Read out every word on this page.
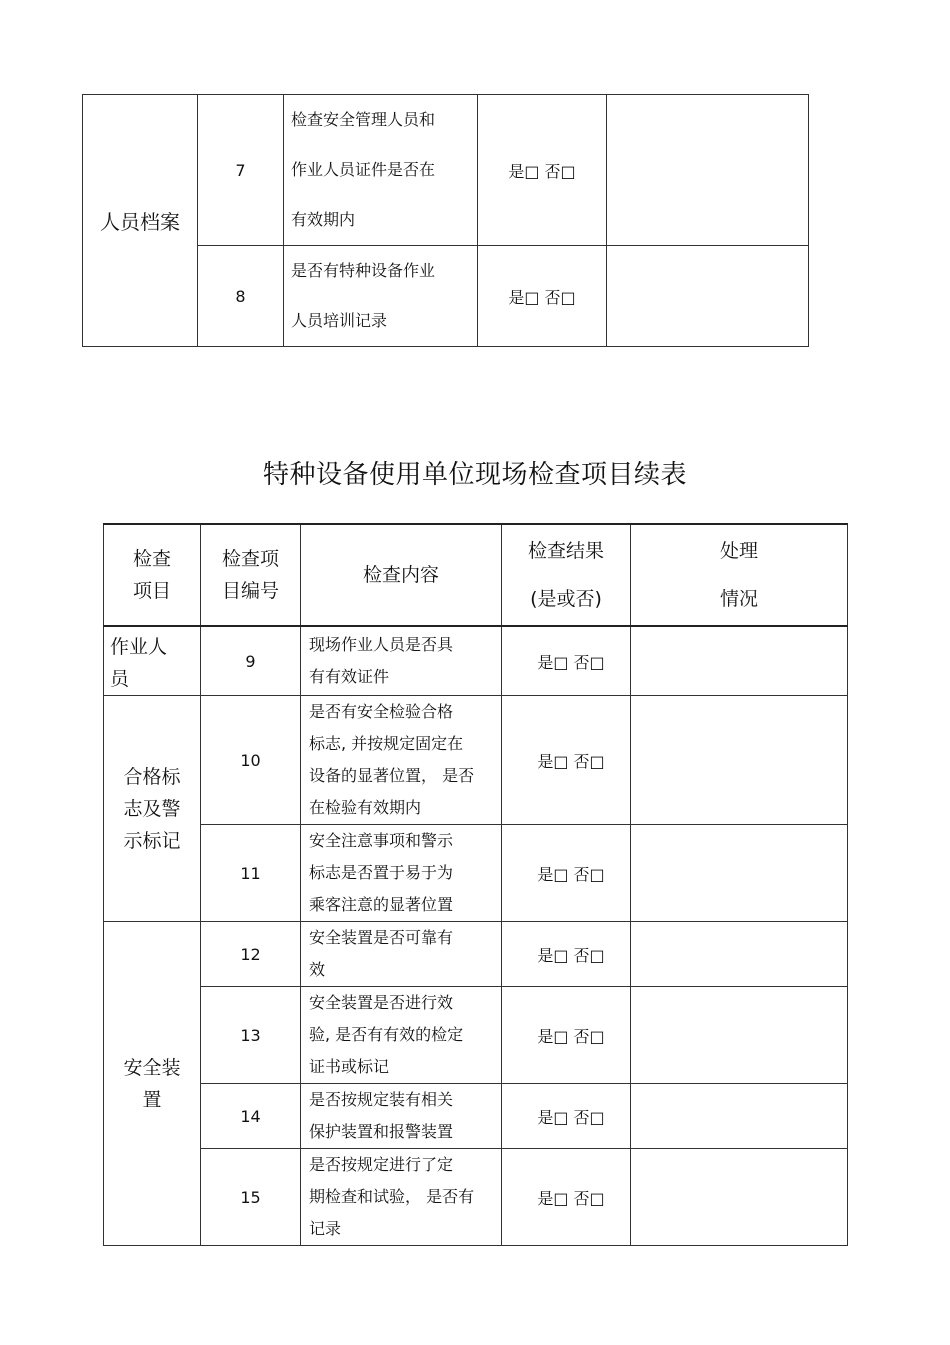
人员档案	7	检查安全管理人员和
作业人员证件是否在
有效期内	是□ 否□	
	8	是否有特种设备作业
人员培训记录	是□ 否□	
特种设备使用单位现场检查项目续表
检查
项目	检查项
目编号	检查内容	检查结果
(是或否)	处理
情况

作业人
员	9	现场作业人员是否具
有有效证件	是□ 否□	

合格标
志及警
示标记	10	是否有安全检验合格
标志, 并按规定固定在
设备的显著位置， 是否
在检验有效期内	是□ 否□	
	11	安全注意事项和警示
标志是否置于易于为
乘客注意的显著位置	是□ 否□	

安全装
置	12	安全装置是否可靠有
效	是□ 否□	
	13	安全装置是否进行效
验, 是否有有效的检定
证书或标记	是□ 否□	
	14	是否按规定装有相关
保护装置和报警装置	是□ 否□	
	15	是否按规定进行了定
期检查和试验， 是否有
记录	是□ 否□	
